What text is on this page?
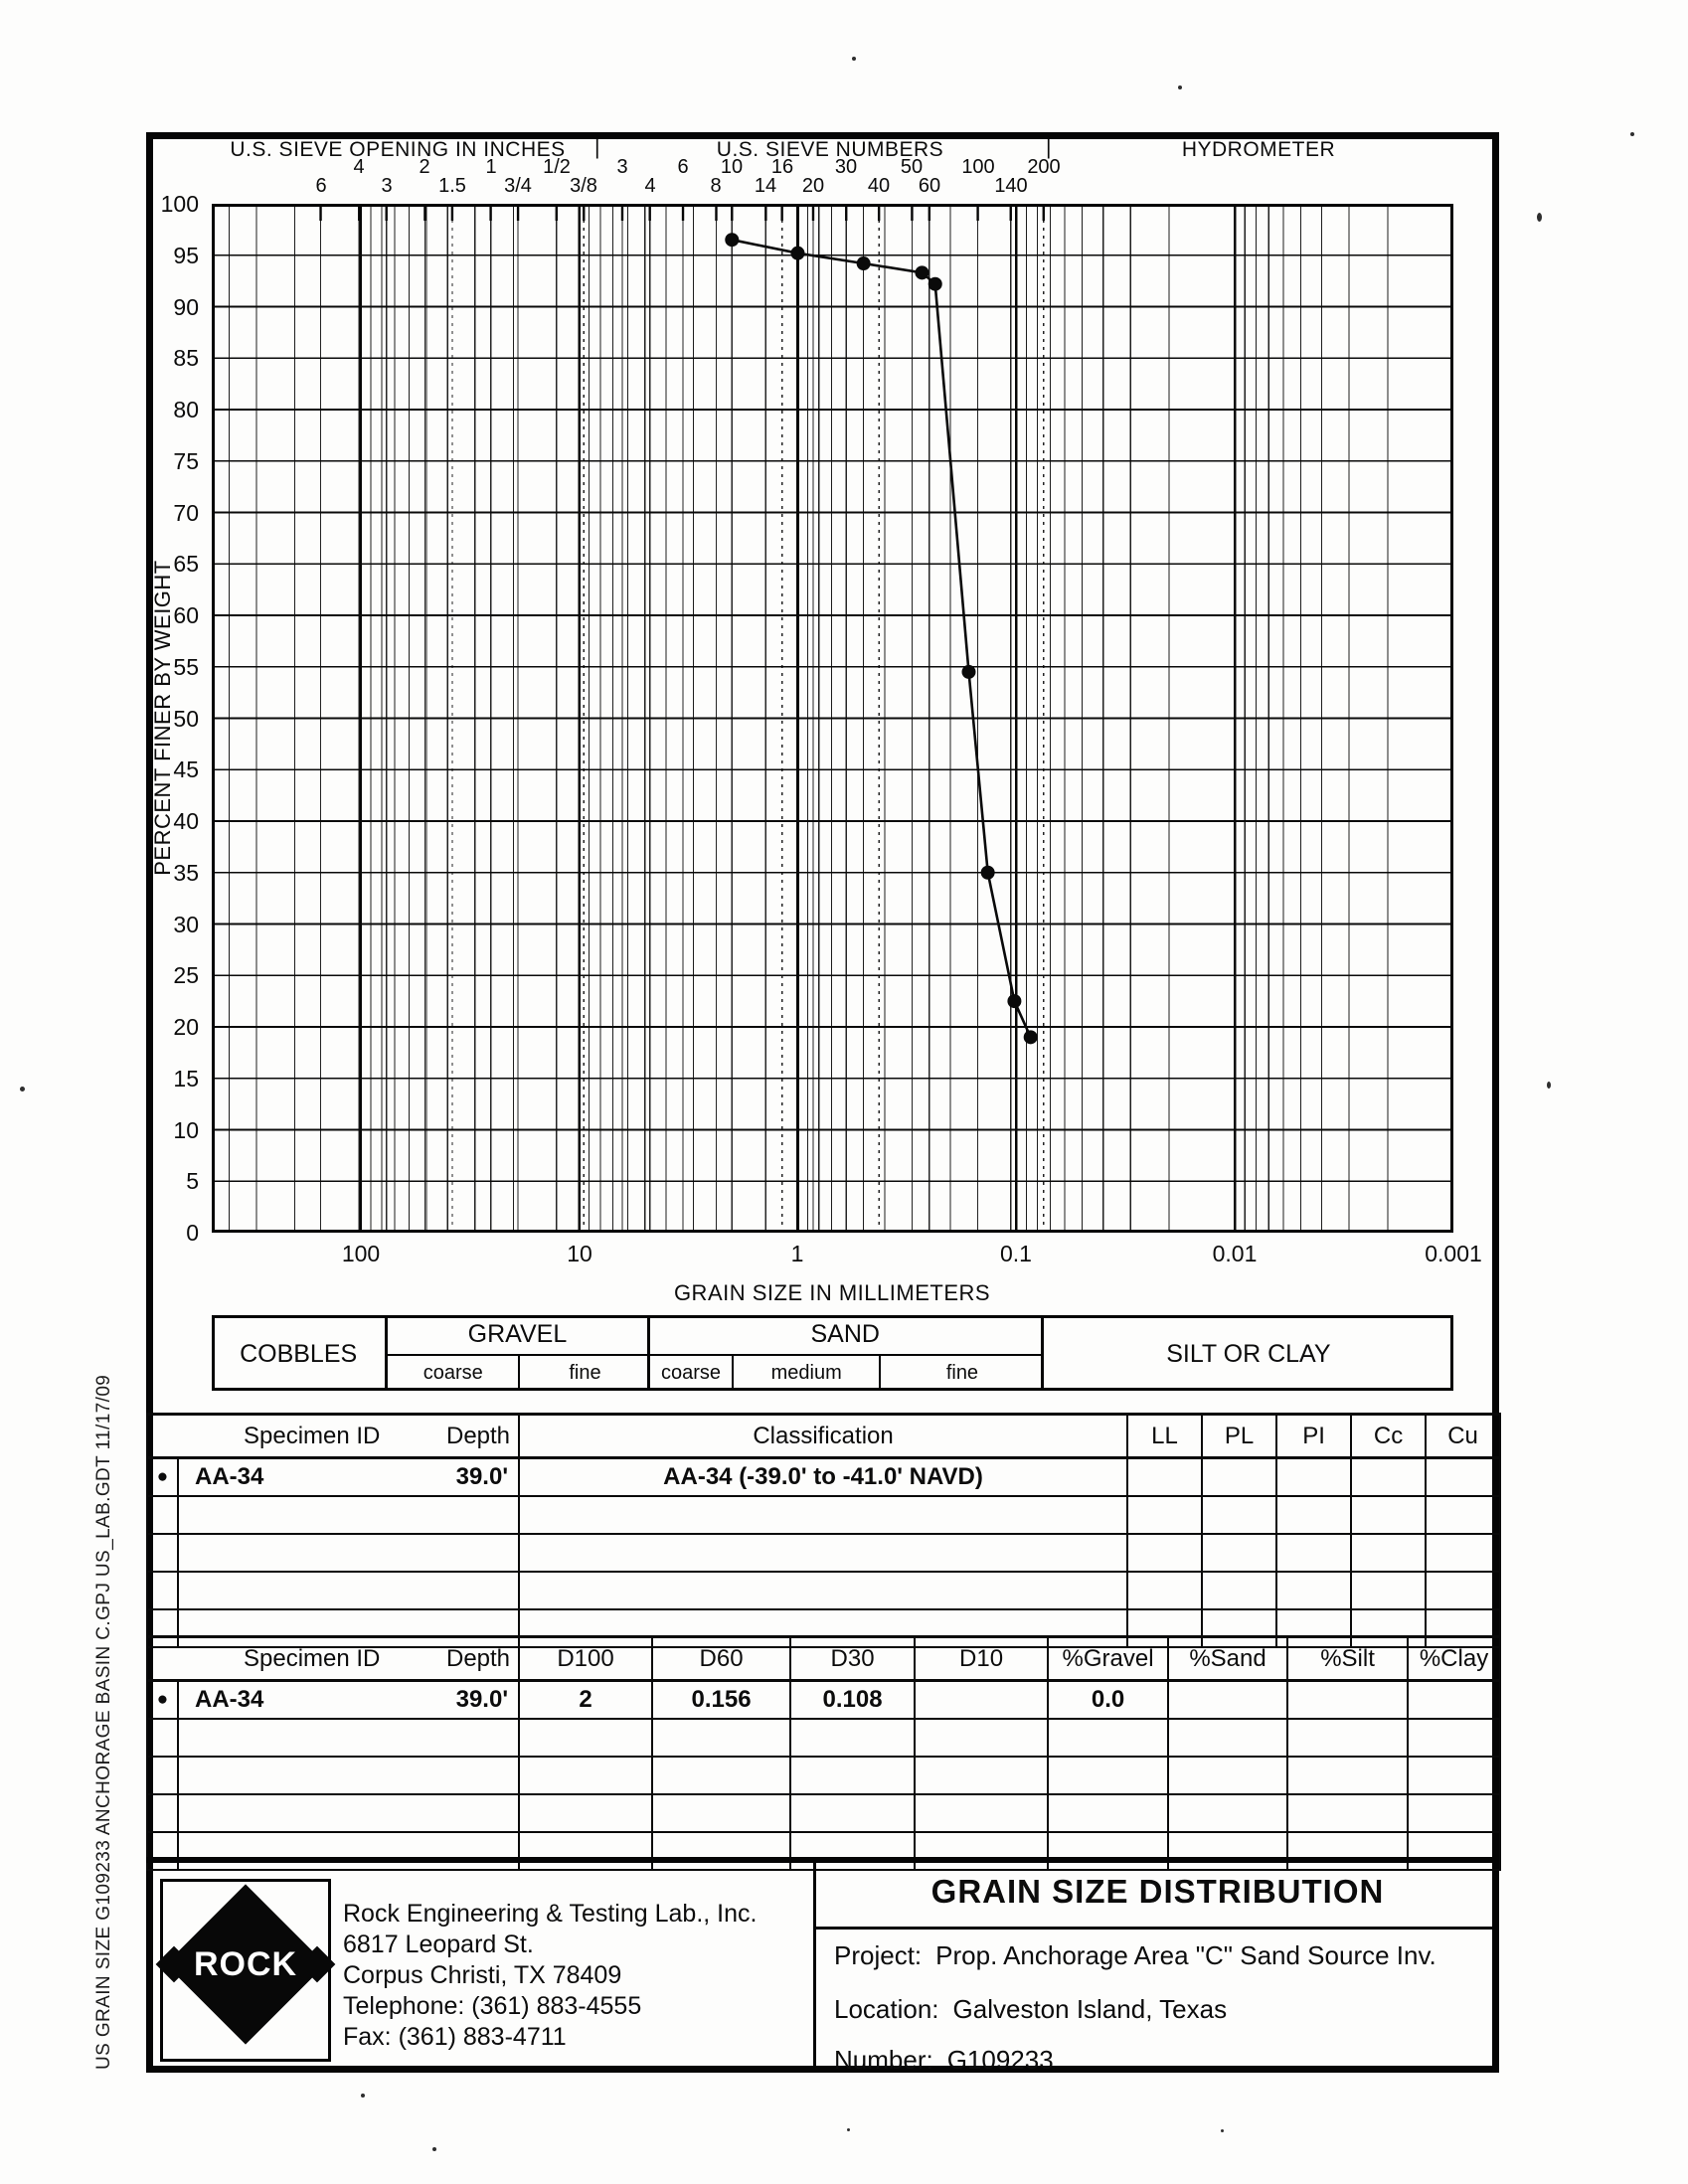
U.S. SIEVE OPENING IN INCHES |	U.S. SIEVE NUMBERS	|	HYDROMETER
6
4
3
2
1.5
1
3/4
1/2
3/8
3
4
6
8
10
14
16
20
30
40
50
60
100
140
200
PERCENT FINER BY WEIGHT
100
95
90
85
80
75
70
65
60
55
50
45
40
35
30
25
20
15
10
5
0
100	10	1	0.1	0.01	0.001
GRAIN SIZE IN MILLIMETERS
COBBLES
GRAVEL
coarse	fine
SAND
coarse	medium	fine
SILT OR CLAY
Specimen ID Depth			Classification	LL	PL	PI	Cc	Cu
●	AA-34	39.0'	AA-34 (-39.0' to -41.0' NAVD)					

Specimen ID Depth			D100	D60	D30	D10	%Gravel	%Sand	%Silt	%Clay
●	AA-34	39.0'	2	0.156	0.108		0.0			

ROCK
Rock Engineering & Testing Lab., Inc.
6817 Leopard St.
Corpus Christi, TX 78409
Telephone: (361) 883-4555
Fax: (361) 883-4711
GRAIN SIZE DISTRIBUTION
Project: Prop. Anchorage Area "C" Sand Source Inv.
Location: Galveston Island, Texas
Number: G109233
US GRAIN SIZE G109233 ANCHORAGE BASIN C.GPJ US_LAB.GDT 11/17/09
